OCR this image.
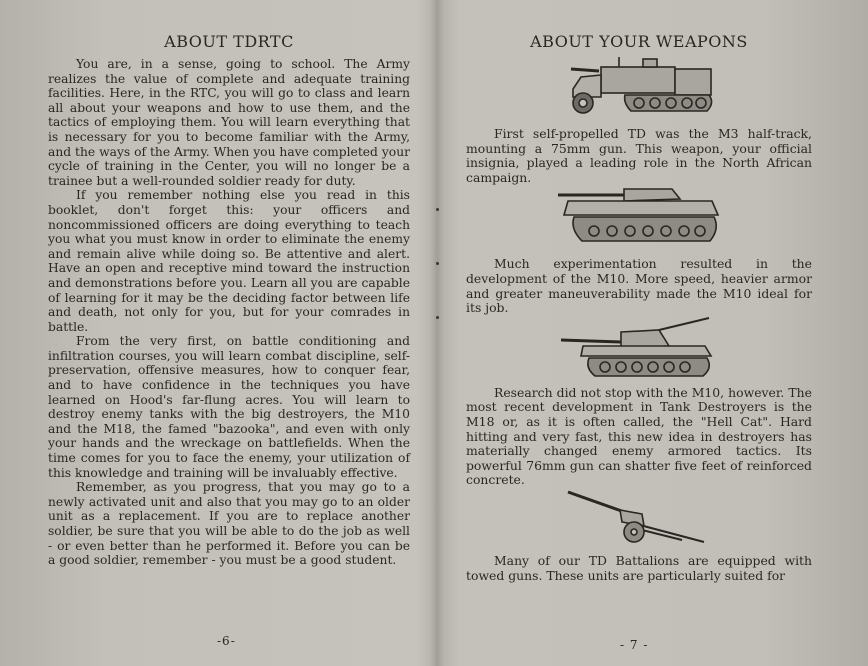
ABOUT TDRTC

You are, in a sense, going to school. The Army realizes the value of complete and adequate training facilities. Here, in the RTC, you will go to class and learn all about your weapons and how to use them, and the tactics of employing them. You will learn everything that is necessary for you to become familiar with the Army, and the ways of the Army. When you have completed your cycle of training in the Center, you will no longer be a trainee but a well-rounded soldier ready for duty.

If you remember nothing else you read in this booklet, don't forget this: your officers and noncommissioned officers are doing everything to teach you what you must know in order to eliminate the enemy and remain alive while doing so. Be attentive and alert. Have an open and receptive mind toward the instruction and demonstrations before you. Learn all you are capable of learning for it may be the deciding factor between life and death, not only for you, but for your comrades in battle.

From the very first, on battle conditioning and infiltration courses, you will learn combat discipline, self-preservation, offensive measures, how to conquer fear, and to have confidence in the techniques you have learned on Hood's far-flung acres. You will learn to destroy enemy tanks with the big destroyers, the M10 and the M18, the famed "bazooka", and even with only your hands and the wreckage on battlefields. When the time comes for you to face the enemy, your utilization of this knowledge and training will be invaluably effective.

Remember, as you progress, that you may go to a newly activated unit and also that you may go to an older unit as a replacement. If you are to replace another soldier, be sure that you will be able to do the job as well - or even better than he performed it. Before you can be a good soldier, remember - you must be a good student.

-6-
ABOUT YOUR WEAPONS

First self-propelled TD was the M3 half-track, mounting a 75mm gun. This weapon, your official insignia, played a leading role in the North African campaign.

Much experimentation resulted in the development of the M10. More speed, heavier armor and greater maneuverability made the M10 ideal for its job.

Research did not stop with the M10, however. The most recent development in Tank Destroyers is the M18 or, as it is often called, the "Hell Cat". Hard hitting and very fast, this new idea in destroyers has materially changed enemy armored tactics. Its powerful 76mm gun can shatter five feet of reinforced concrete.

Many of our TD Battalions are equipped with towed guns. These units are particularly suited for

- 7 -
